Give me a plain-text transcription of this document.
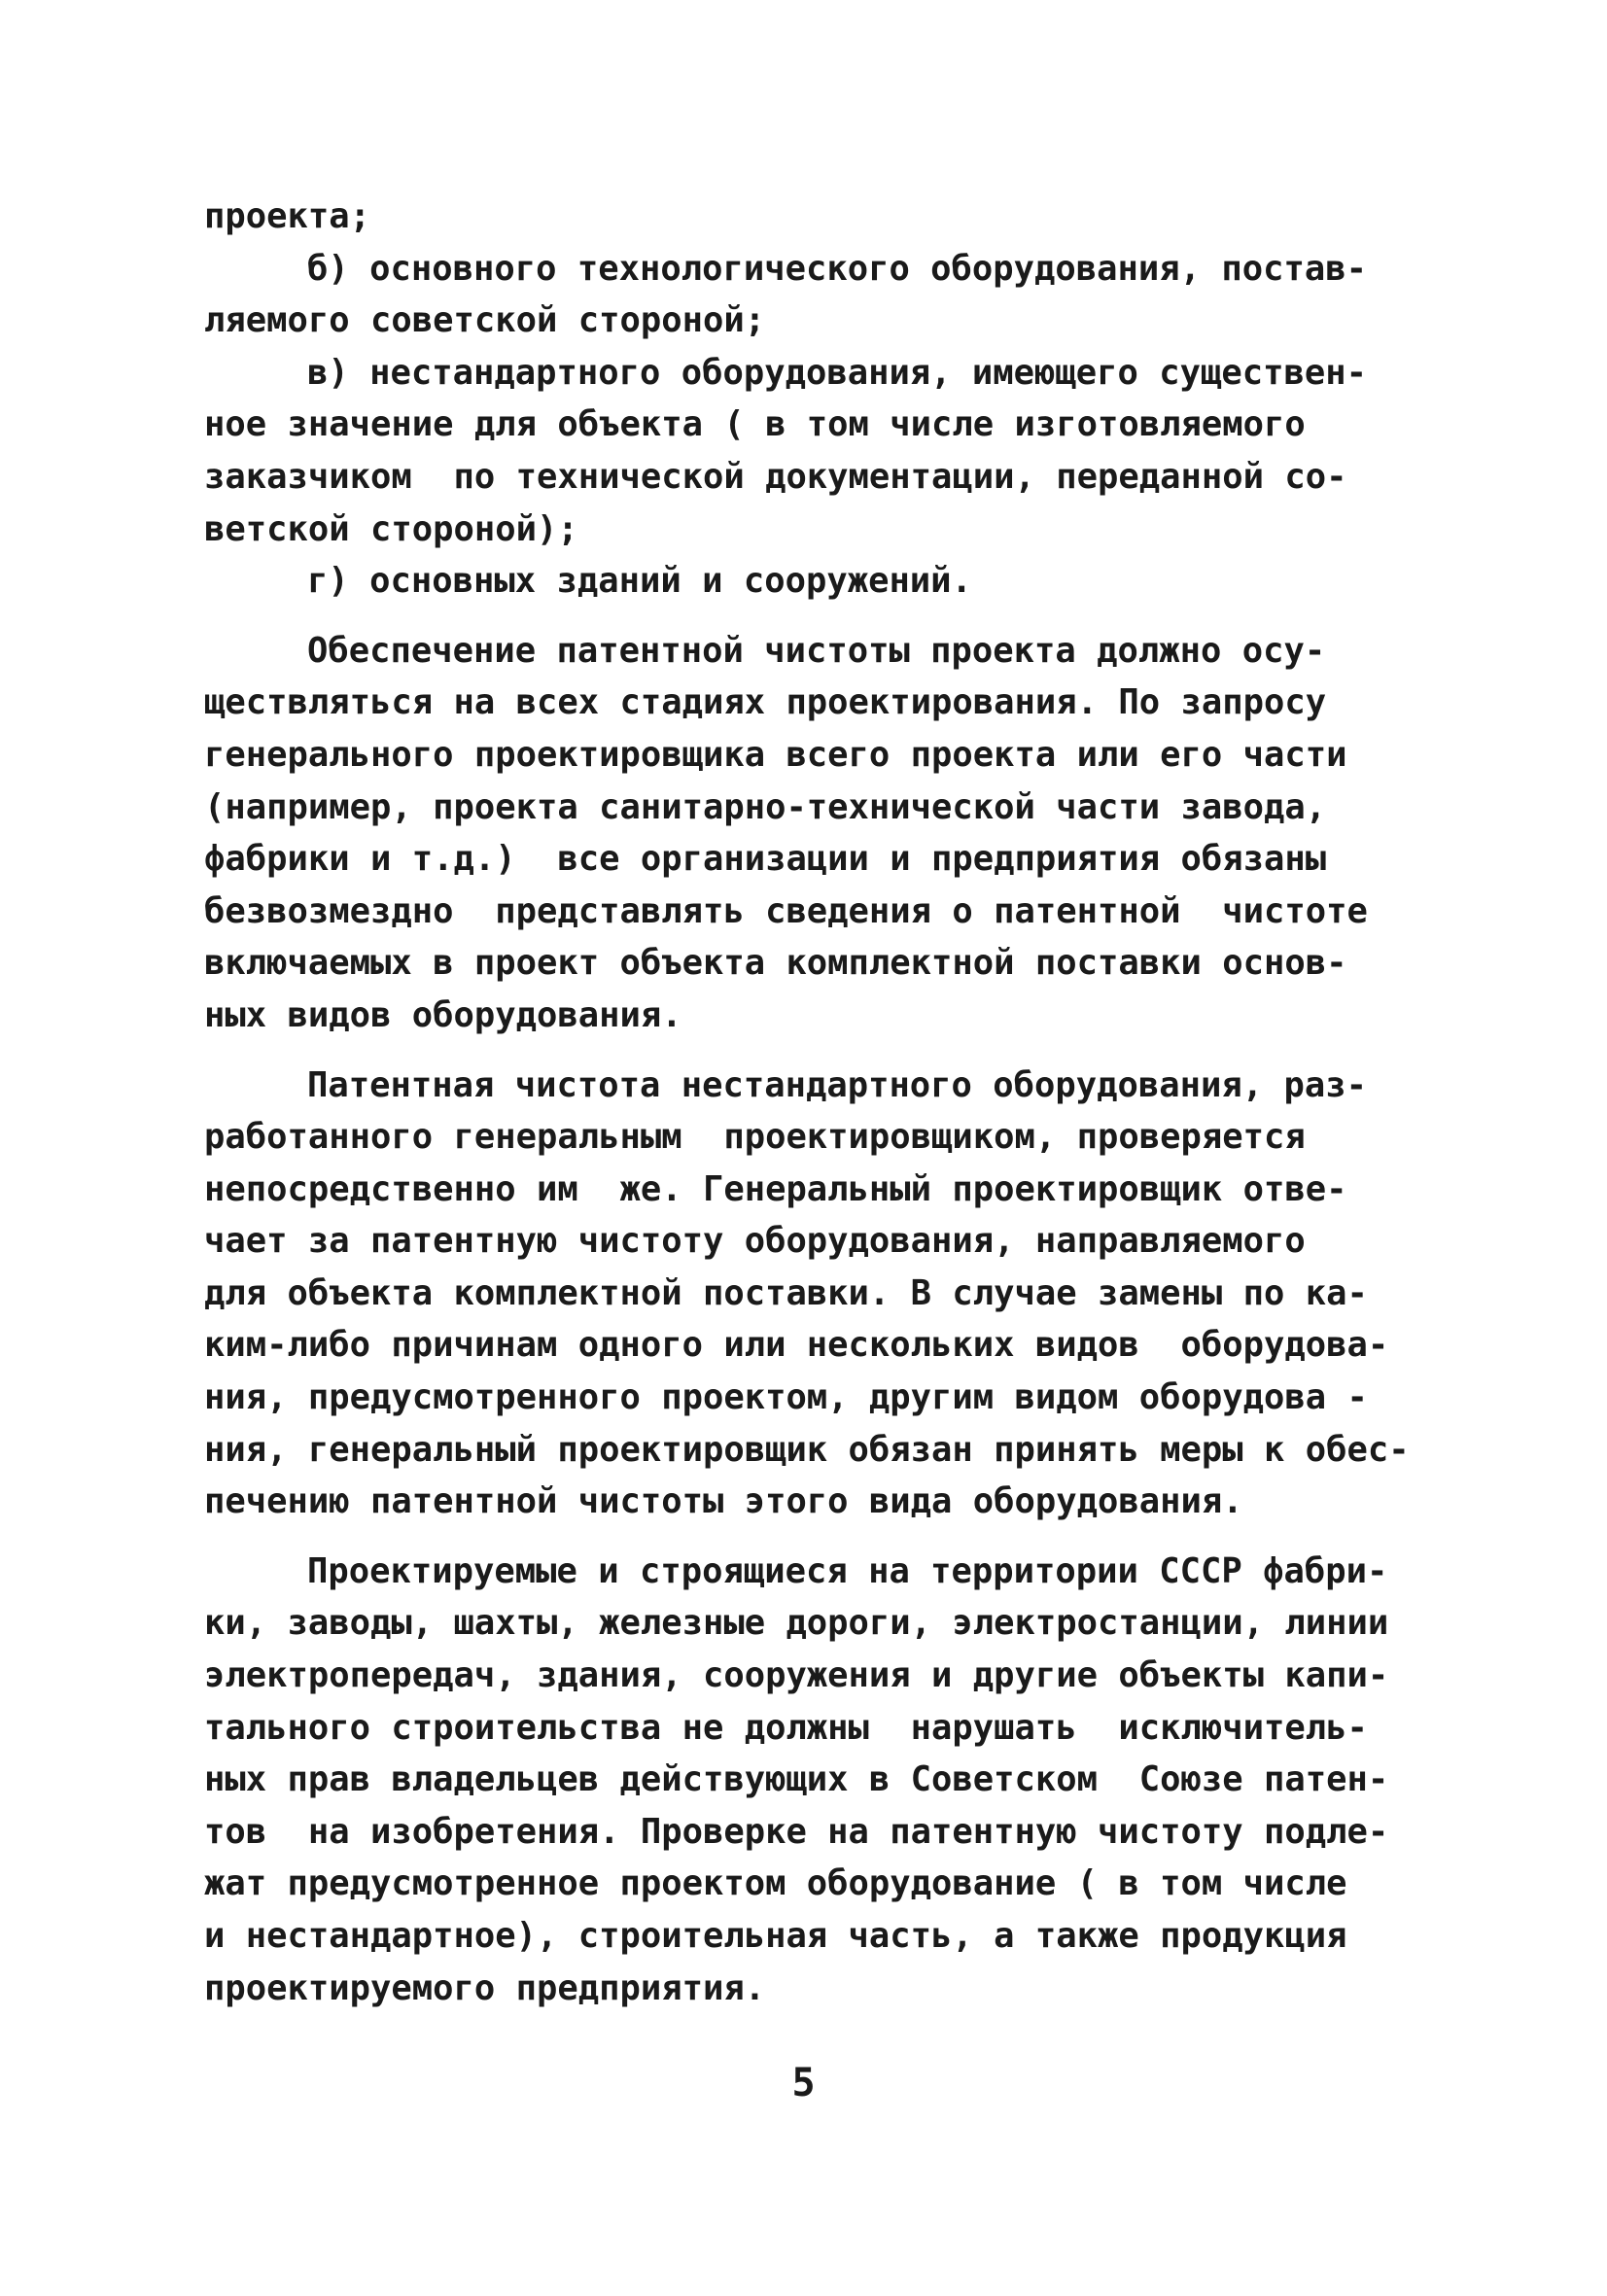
проекта;
б) основного технологического оборудования, постав-
ляемого советской стороной;
в) нестандартного оборудования, имеющего существен-
ное значение для объекта ( в том числе изготовляемого
заказчиком  по технической документации, переданной со-
ветской стороной);
г) основных зданий и сооружений.
Обеспечение патентной чистоты проекта должно осу-
ществляться на всех стадиях проектирования. По запросу
генерального проектировщика всего проекта или его части
(например, проекта санитарно-технической части завода,
фабрики и т.д.)  все организации и предприятия обязаны
безвозмездно  представлять сведения о патентной  чистоте
включаемых в проект объекта комплектной поставки основ-
ных видов оборудования.
Патентная чистота нестандартного оборудования, раз-
работанного генеральным  проектировщиком, проверяется
непосредственно им  же. Генеральный проектировщик отве-
чает за патентную чистоту оборудования, направляемого
для объекта комплектной поставки. В случае замены по ка-
ким-либо причинам одного или нескольких видов  оборудова-
ния, предусмотренного проектом, другим видом оборудова -
ния, генеральный проектировщик обязан принять меры к обес-
печению патентной чистоты этого вида оборудования.
Проектируемые и строящиеся на территории СССР фабри-
ки, заводы, шахты, железные дороги, электростанции, линии
электропередач, здания, сооружения и другие объекты капи-
тального строительства не должны  нарушать  исключитель-
ных прав владельцев действующих в Советском  Союзе патен-
тов  на изобретения. Проверке на патентную чистоту подле-
жат предусмотренное проектом оборудование ( в том числе
и нестандартное), строительная часть, а также продукция
проектируемого предприятия.
5
